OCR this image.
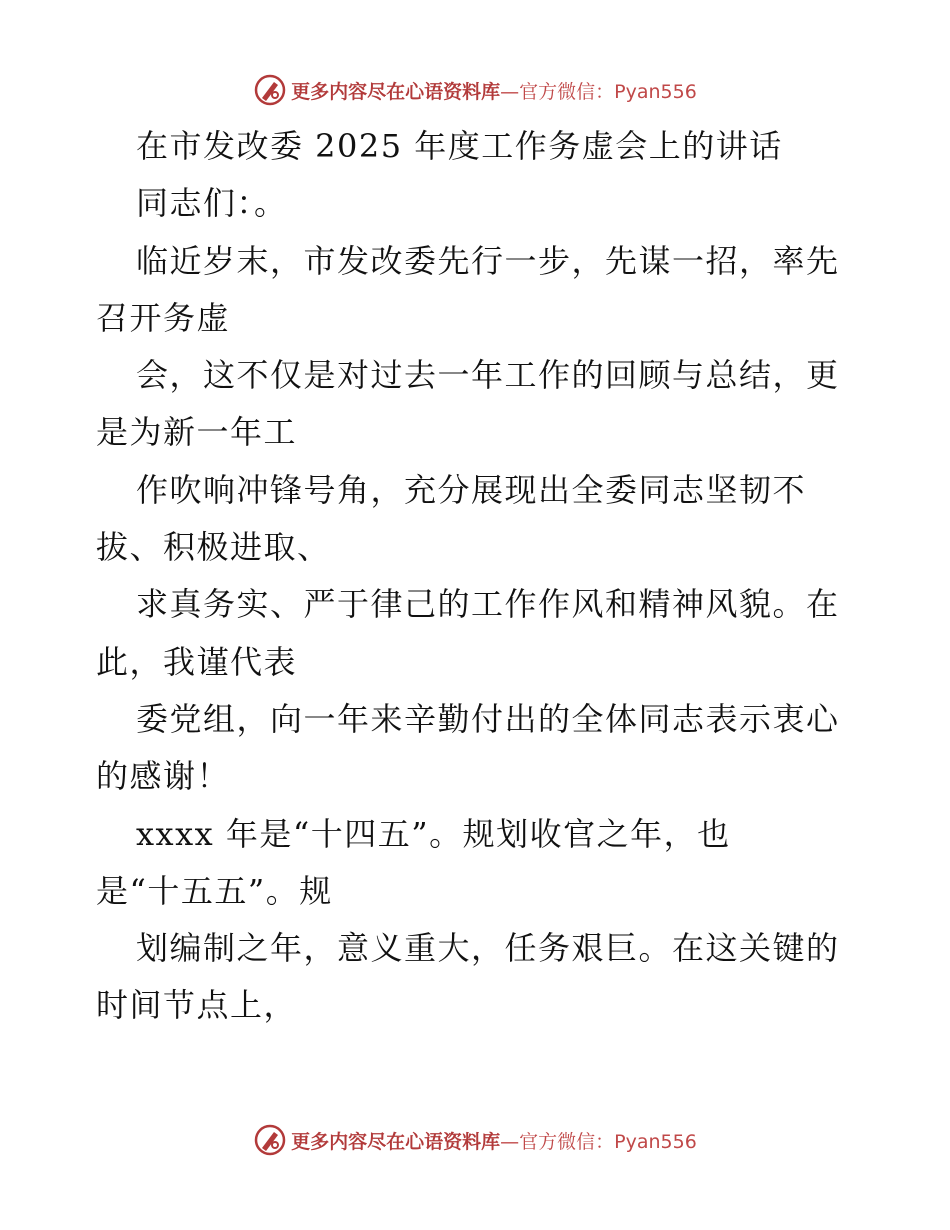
更多内容尽在心语资料库—官方微信：Pyan556
在市发改委 2025 年度工作务虚会上的讲话
同志们：。
临近岁末，市发改委先行一步，先谋一招，率先
召开务虚
会，这不仅是对过去一年工作的回顾与总结，更
是为新一年工
作吹响冲锋号角，充分展现出全委同志坚韧不
拔、积极进取、
求真务实、严于律己的工作作风和精神风貌。在
此，我谨代表
委党组，向一年来辛勤付出的全体同志表示衷心
的感谢！
xxxx 年是“十四五”。规划收官之年，也
是“十五五”。规
划编制之年，意义重大，任务艰巨。在这关键的
时间节点上，
更多内容尽在心语资料库—官方微信：Pyan556
